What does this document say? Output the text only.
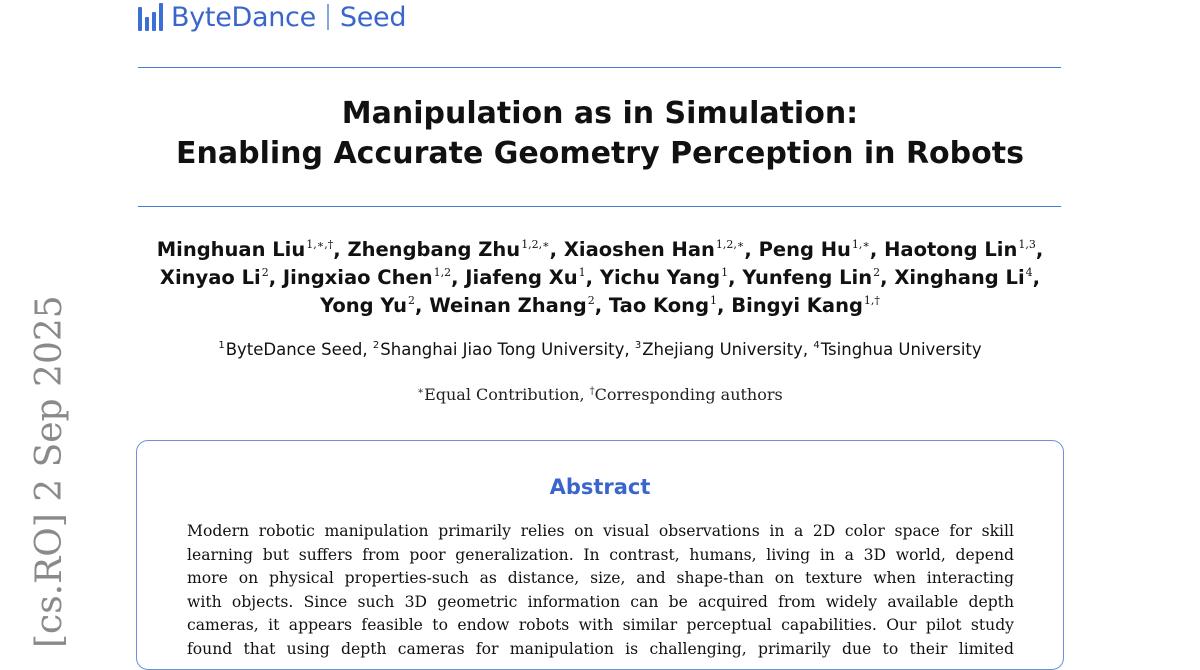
ByteDance Seed
Manipulation as in Simulation:
Enabling Accurate Geometry Perception in Robots
Minghuan Liu$^{1,∗,\dagger}$, Zhengbang Zhu$^{1,2,∗}$, Xiaoshen Han$^{1,2,∗}$, Peng $Hu^{1,∗}$, Haotong Lin$^{1,3}$,
Xinyao Li$^2$, Jingxiao Chen$^{1,2}$, Jiafeng Xu$^1$, Yichu Yang$^1$, Yunfeng Lin$^2$, Xinghang Li$^4$,
Yong Yu$^2$, Weinan Zhang$^2$, Tao Kong$^1$, Bingyi Kang$^{1,\dagger}$
$^1$ByteDance Seed, $^2$Shanghai Jiao Tong University, $^3$Zhejiang University, $^4$Tsinghua University
∗Equal Contribution, †Corresponding authors
Abstract
Modern robotic manipulation primarily relies on visual observations in a 2D color space for skill
learning but suffers from poor generalization. In contrast, humans, living in a 3D world, depend
more on physical properties-such as distance, size, and shape-than on texture when interacting
with objects. Since such 3D geometric information can be acquired from widely available depth
cameras, it appears feasible to endow robots with similar perceptual capabilities. Our pilot study
found that using depth cameras for manipulation is challenging, primarily due to their limited
[cs.RO] 2 Sep 2025
